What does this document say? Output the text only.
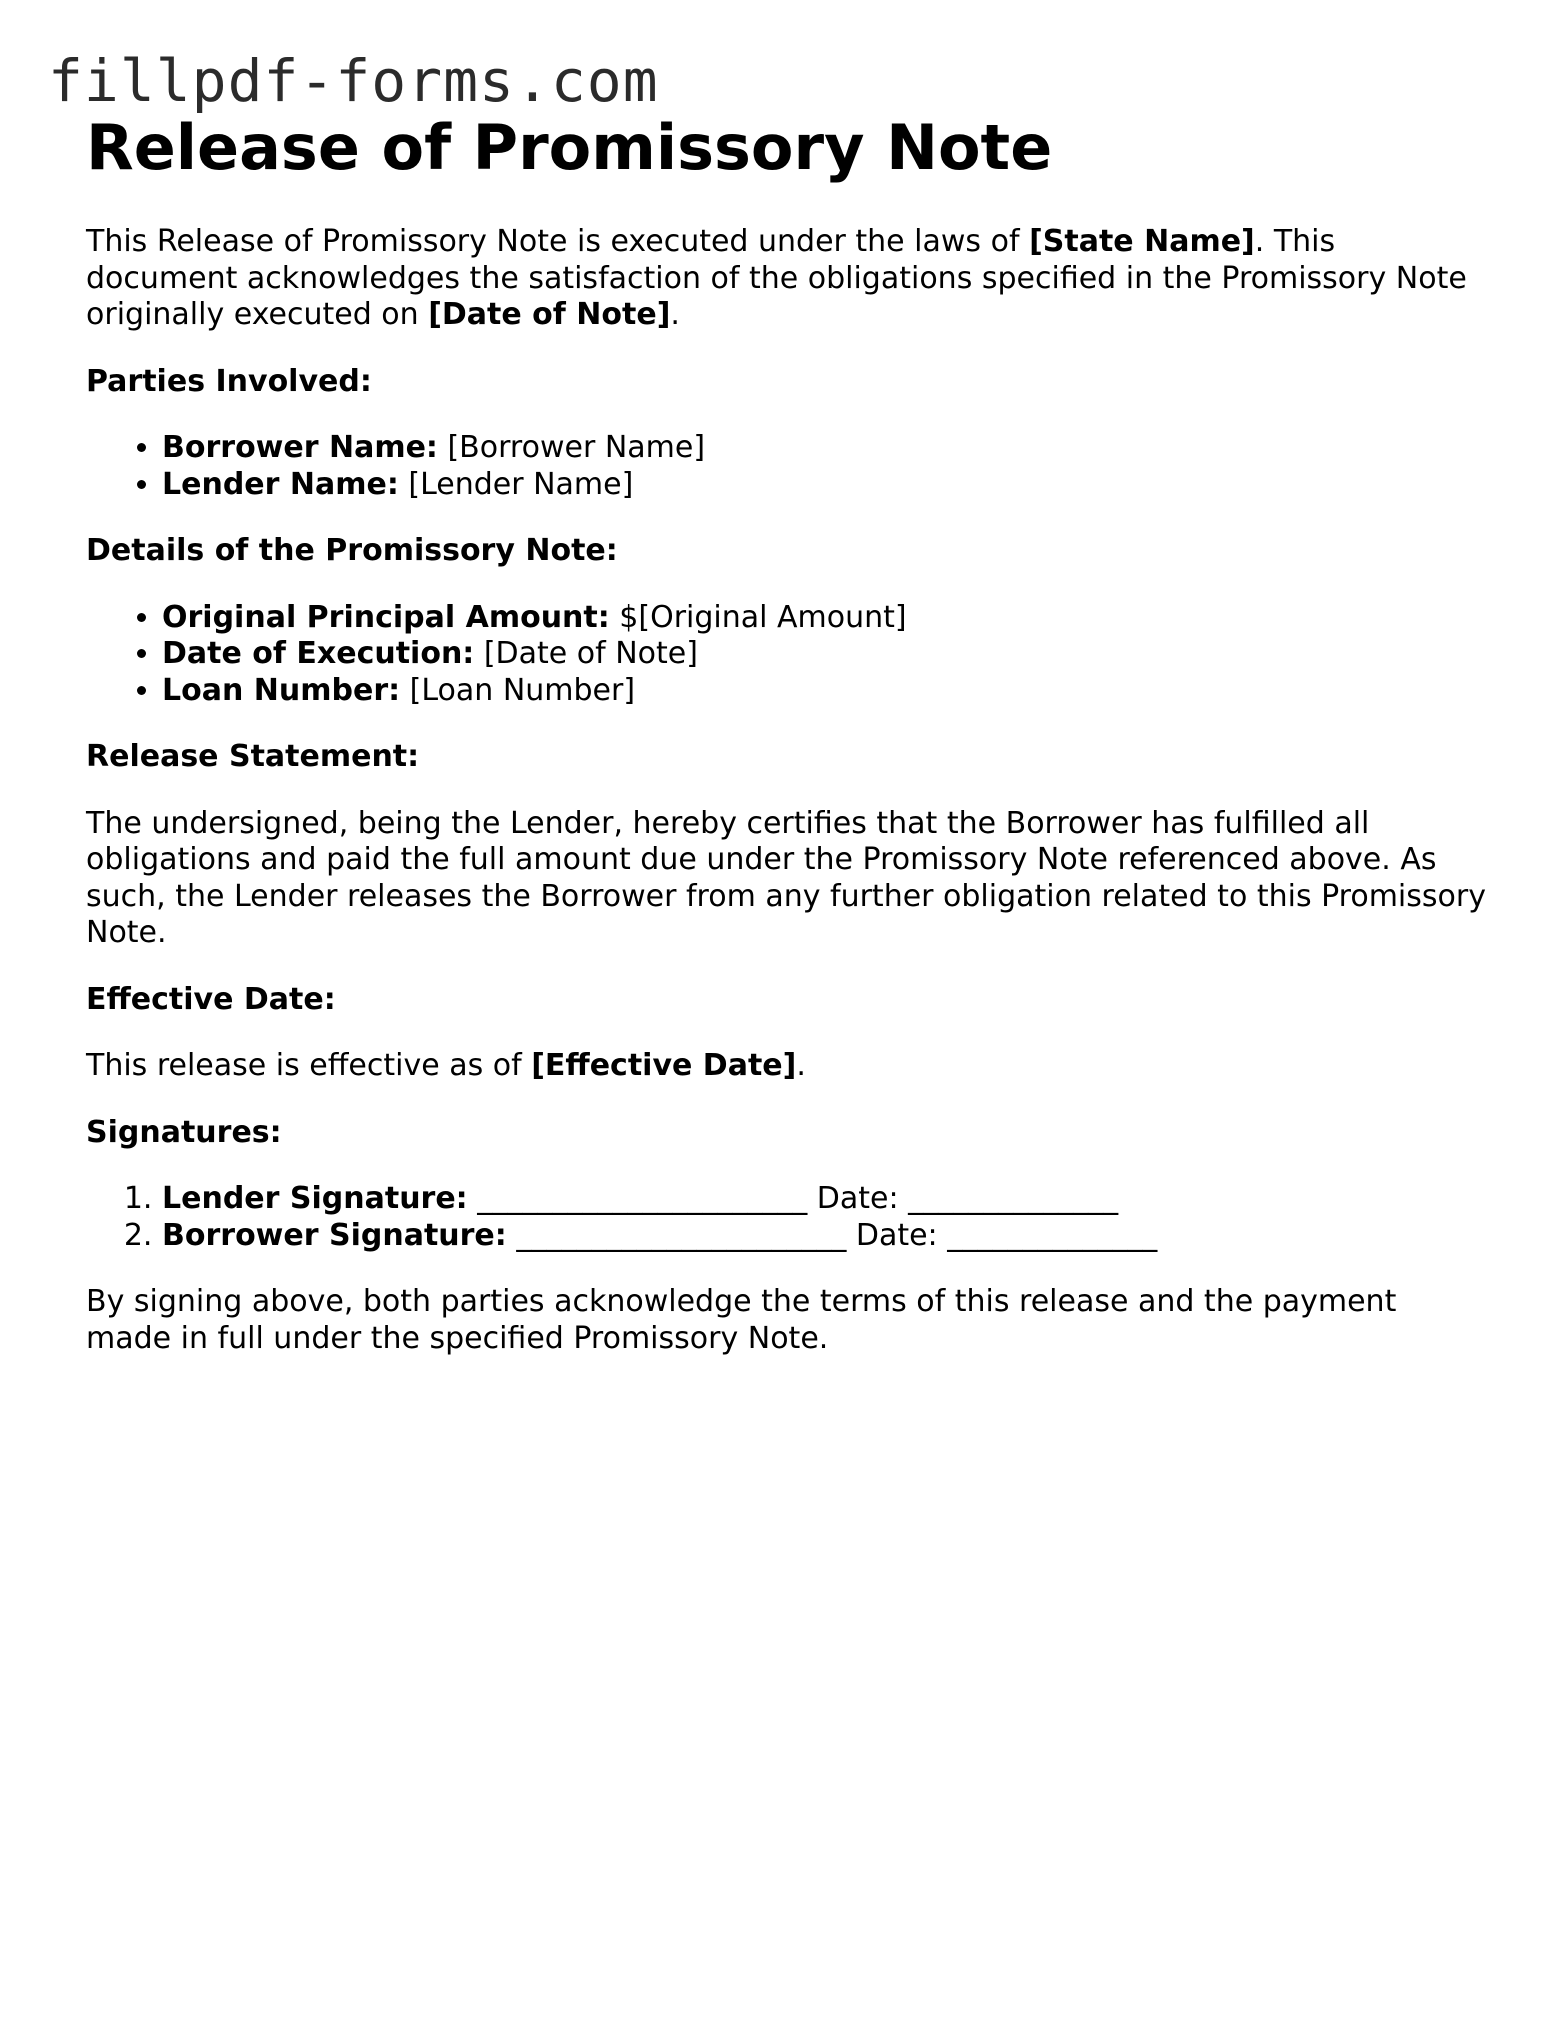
fillpdf-forms.com
Release of Promissory Note

This Release of Promissory Note is executed under the laws of [State Name]. This document acknowledges the satisfaction of the obligations specified in the Promissory Note originally executed on [Date of Note].

Parties Involved:
• Borrower Name: [Borrower Name]
• Lender Name: [Lender Name]
Details of the Promissory Note:
• Original Principal Amount: $[Original Amount]
• Date of Execution: [Date of Note]
• Loan Number: [Loan Number]
Release Statement:

The undersigned, being the Lender, hereby certifies that the Borrower has fulfilled all obligations and paid the full amount due under the Promissory Note referenced above. As such, the Lender releases the Borrower from any further obligation related to this Promissory Note.

Effective Date:

This release is effective as of [Effective Date].

Signatures:
1. Lender Signature: ______________________ Date: ______________
2. Borrower Signature: ______________________ Date: ______________

By signing above, both parties acknowledge the terms of this release and the payment made in full under the specified Promissory Note.
